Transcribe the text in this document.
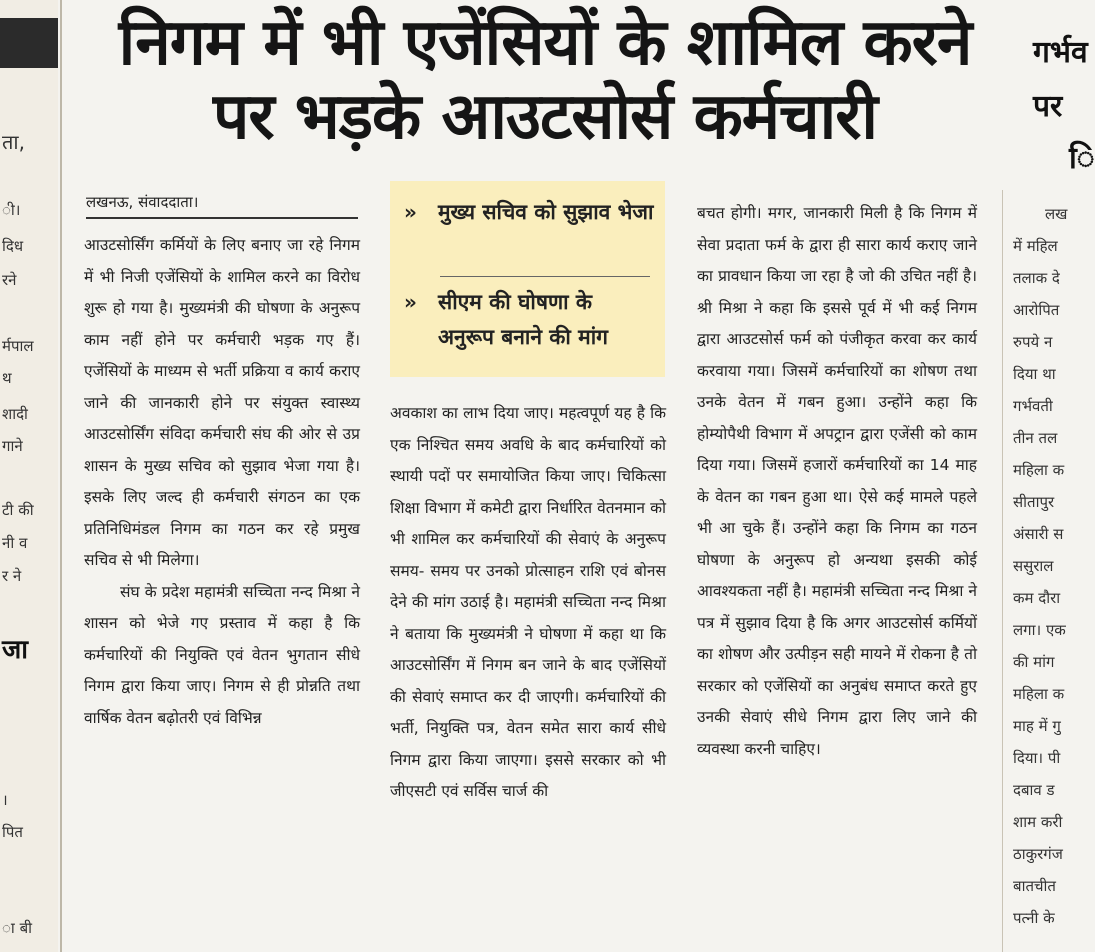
ता,
ी।
दिध
रने
र्मपाल
थ
शादी
गाने
टी की
नी व
र ने
जा
।
पित
ा बी
निगम में भी एजेंसियों के शामिल करने
पर भड़के आउटसोर्स कर्मचारी
लखनऊ, संवाददाता।

आउटसोर्सिंग कर्मियों के लिए बनाए जा रहे निगम में भी निजी एजेंसियों के शामिल करने का विरोध शुरू हो गया है। मुख्यमंत्री की घोषणा के अनुरूप काम नहीं होने पर कर्मचारी भड़क गए हैं। एजेंसियों के माध्यम से भर्ती प्रक्रिया व कार्य कराए जाने की जानकारी होने पर संयुक्त स्वास्थ्य आउटसोर्सिंग संविदा कर्मचारी संघ की ओर से उप्र शासन के मुख्य सचिव को सुझाव भेजा गया है। इसके लिए जल्द ही कर्मचारी संगठन का एक प्रतिनिधिमंडल निगम का गठन कर रहे प्रमुख सचिव से भी मिलेगा।

संघ के प्रदेश महामंत्री सच्चिता नन्द मिश्रा ने शासन को भेजे गए प्रस्ताव में कहा है कि कर्मचारियों की नियुक्ति एवं वेतन भुगतान सीधे निगम द्वारा किया जाए। निगम से ही प्रोन्नति तथा वार्षिक वेतन बढ़ोतरी एवं विभिन्न

»	मुख्य सचिव को सुझाव भेजा
»	सीएम की घोषणा के अनुरूप बनाने की मांग

अवकाश का लाभ दिया जाए। महत्वपूर्ण यह है कि एक निश्चित समय अवधि के बाद कर्मचारियों को स्थायी पदों पर समायोजित किया जाए। चिकित्सा शिक्षा विभाग में कमेटी द्वारा निर्धारित वेतनमान को भी शामिल कर कर्मचारियों की सेवाएं के अनुरूप समय- समय पर उनको प्रोत्साहन राशि एवं बोनस देने की मांग उठाई है। महामंत्री सच्चिता नन्द मिश्रा ने बताया कि मुख्यमंत्री ने घोषणा में कहा था कि आउटसोर्सिंग में निगम बन जाने के बाद एजेंसियों की सेवाएं समाप्त कर दी जाएगी। कर्मचारियों की भर्ती, नियुक्ति पत्र, वेतन समेत सारा कार्य सीधे निगम द्वारा किया जाएगा। इससे सरकार को भी जीएसटी एवं सर्विस चार्ज की

बचत होगी। मगर, जानकारी मिली है कि निगम में सेवा प्रदाता फर्म के द्वारा ही सारा कार्य कराए जाने का प्रावधान किया जा रहा है जो की उचित नहीं है। श्री मिश्रा ने कहा कि इससे पूर्व में भी कई निगम द्वारा आउटसोर्स फर्म को पंजीकृत करवा कर कार्य करवाया गया। जिसमें कर्मचारियों का शोषण तथा उनके वेतन में गबन हुआ। उन्होंने कहा कि होम्योपैथी विभाग में अपट्रान द्वारा एजेंसी को काम दिया गया। जिसमें हजारों कर्मचारियों का 14 माह के वेतन का गबन हुआ था। ऐसे कई मामले पहले भी आ चुके हैं। उन्होंने कहा कि निगम का गठन घोषणा के अनुरूप हो अन्यथा इसकी कोई आवश्यकता नहीं है। महामंत्री सच्चिता नन्द मिश्रा ने पत्र में सुझाव दिया है कि अगर आउटसोर्स कर्मियों का शोषण और उत्पीड़न सही मायने में रोकना है तो सरकार को एजेंसियों का अनुबंध समाप्त करते हुए उनकी सेवाएं सीधे निगम द्वारा लिए जाने की व्यवस्था करनी चाहिए।

गर्भव
पर
ि
लख
में महिल
तलाक दे
आरोपित
रुपये न
दिया था
गर्भवती
तीन तल
महिला क
सीतापुर
अंसारी स
ससुराल
कम दौरा
लगा। एक
की मांग
महिला क
माह में गु
दिया। पी
दबाव ड
शाम करी
ठाकुरगंज
बातचीत
पत्नी के
